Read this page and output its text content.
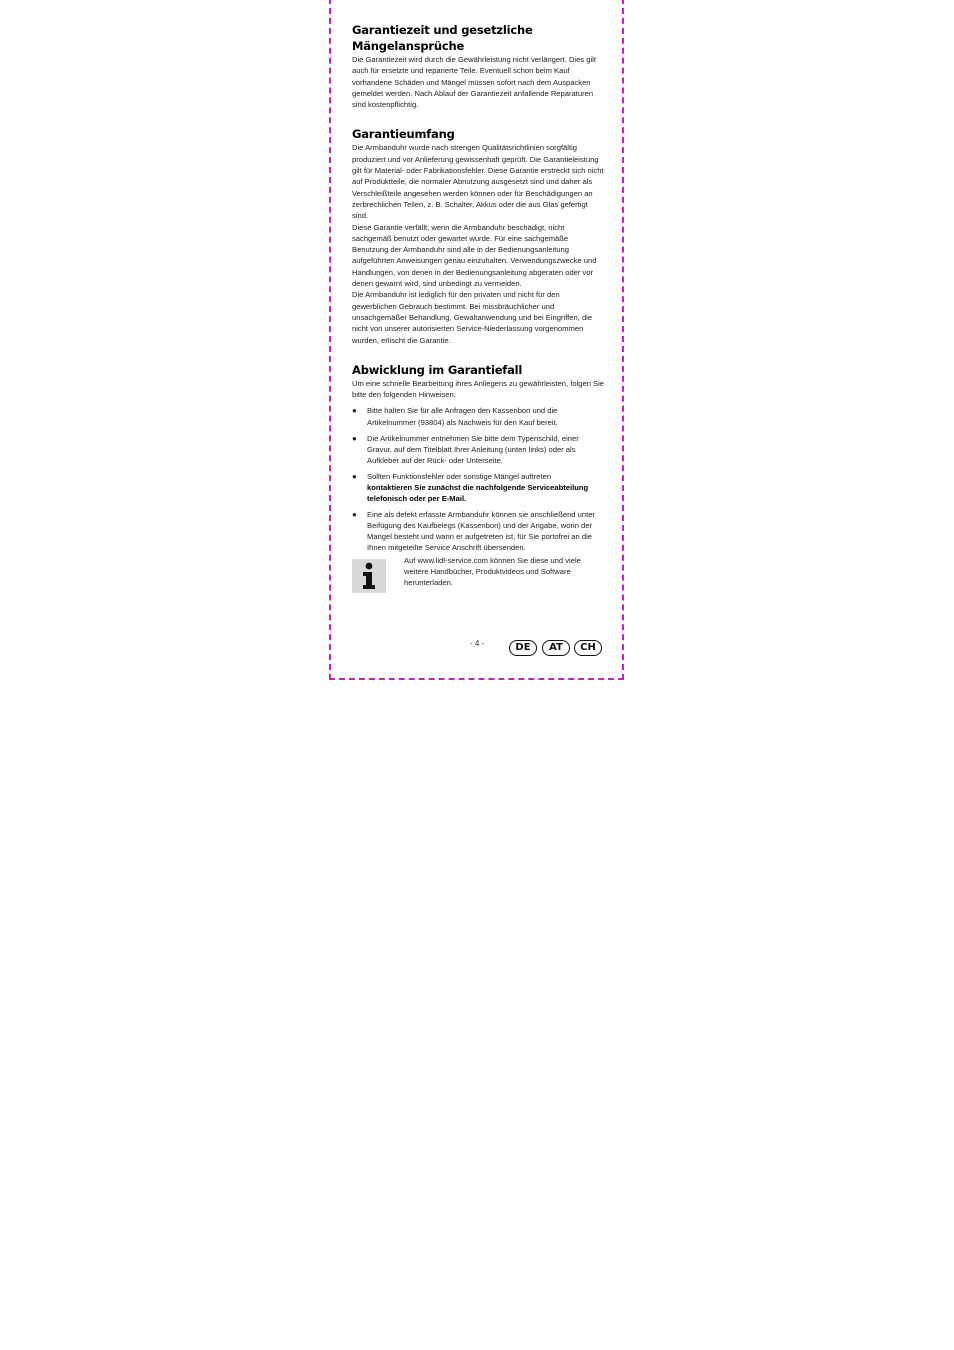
Garantiezeit und gesetzliche Mängelansprüche

Die Garantiezeit wird durch die Gewährleistung nicht verlängert. Dies gilt auch für ersetzte und reparierte Teile. Eventuell schon beim Kauf vorhandene Schäden und Mängel müssen sofort nach dem Auspacken gemeldet werden. Nach Ablauf der Garantiezeit anfallende Reparaturen sind kostenpflichtig.

Garantieumfang

Die Armbanduhr wurde nach strengen Qualitätsrichtlinien sorgfältig produziert und vor Anlieferung gewissenhaft geprüft. Die Garantieleistung gilt für Material- oder Fabrikationsfehler. Diese Garantie erstreckt sich nicht auf Produktteile, die normaler Abnutzung ausgesetzt sind und daher als Verschleißteile angesehen werden können oder für Beschädigungen an zerbrechlichen Teilen, z. B. Schalter, Akkus oder die aus Glas gefertigt sind.

Diese Garantie verfällt, wenn die Armbanduhr beschädigt, nicht sachgemäß benutzt oder gewartet wurde. Für eine sachgemäße Benutzung der Armbanduhr sind alle in der Bedienungsanleitung aufgeführten Anweisungen genau einzuhalten. Verwendungszwecke und Handlungen, von denen in der Bedienungsanleitung abgeraten oder vor denen gewarnt wird, sind unbedingt zu vermeiden.

Die Armbanduhr ist lediglich für den privaten und nicht für den gewerblichen Gebrauch bestimmt. Bei missbräuchlicher und unsachgemäßer Behandlung, Gewaltanwendung und bei Eingriffen, die nicht von unserer autorisierten Service-Niederlassung vorgenommen wurden, erlischt die Garantie.

Abwicklung im Garantiefall

Um eine schnelle Bearbeitung ihres Anliegens zu gewährleisten, folgen Sie bitte den folgenden Hinweisen:

● Bitte halten Sie für alle Anfragen den Kassenbon und die Artikelnummer (93804) als Nachweis für den Kauf bereit.
● Die Artikelnummer entnehmen Sie bitte dem Typenschild, einer Gravur, auf dem Titelblatt Ihrer Anleitung (unten links) oder als Aufkleber auf der Rück- oder Unterseite.
● Sollten Funktionsfehler oder sonstige Mängel auftreten
kontaktieren Sie zunächst die nachfolgende Serviceabteilung telefonisch oder per E-Mail.
● Eine als defekt erfasste Armbanduhr können sie anschließend unter Beifügung des Kaufbelegs (Kassenbon) und der Angabe, worin der Mangel besteht und wann er aufgetreten ist, für Sie portofrei an die Ihnen mitgeteilte Service Anschrift übersenden.
Auf www.lidl-service.com können Sie diese und viele weitere Handbücher, Produktvideos und Software herunterladen.
- 4 -	DE	AT	CH
